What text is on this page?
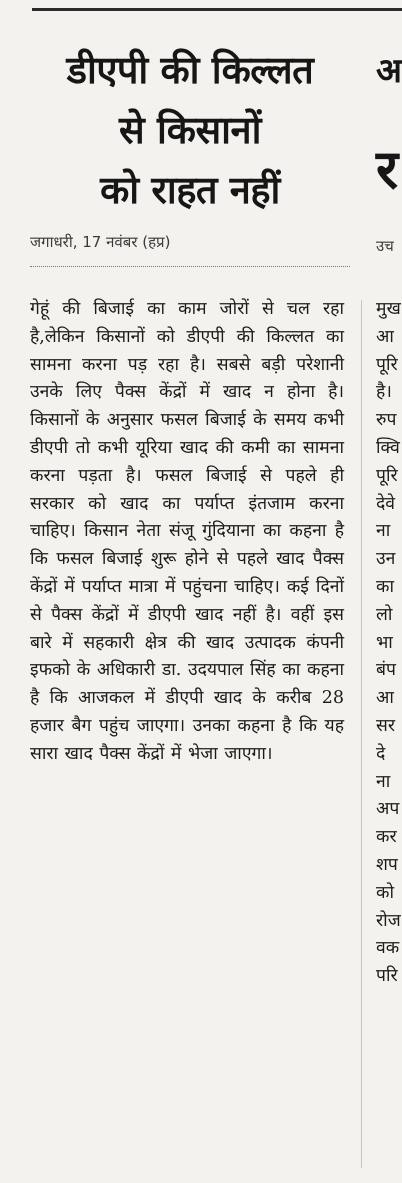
डीएपी की किल्लत
से किसानों
को राहत नहीं
जगाधरी, 17 नवंबर (हप्र)

गेहूं की बिजाई का काम जोरों से चल रहा है,लेकिन किसानों को डीएपी की किल्लत का सामना करना पड़ रहा है। सबसे बड़ी परेशानी उनके लिए पैक्स केंद्रों में खाद न होना है। किसानों के अनुसार फसल बिजाई के समय कभी डीएपी तो कभी यूरिया खाद की कमी का सामना करना पड़ता है। फसल बिजाई से पहले ही सरकार को खाद का पर्याप्त इंतजाम करना चाहिए। किसान नेता संजू गुंदियाना का कहना है कि फसल बिजाई शुरू होने से पहले खाद पैक्स केंद्रों में पर्याप्त मात्रा में पहुंचना चाहिए। कई दिनों से पैक्स केंद्रों में डीएपी खाद नहीं है। वहीं इस बारे में सहकारी क्षेत्र की खाद उत्पादक कंपनी इफको के अधिकारी डा. उदयपाल सिंह का कहना है कि आजकल में डीएपी खाद के करीब 28 हजार बैग पहुंच जाएगा। उनका कहना है कि यह सारा खाद पैक्स केंद्रों में भेजा जाएगा।

अ
र
उच
मुख
आ
पूरि
है।
रुप
क्वि
पूरि
देवे
ना
उन
का
लो
भा
बंप
आ
सर
दे
ना
अप
कर
शप
को
रोज
वक
परि
